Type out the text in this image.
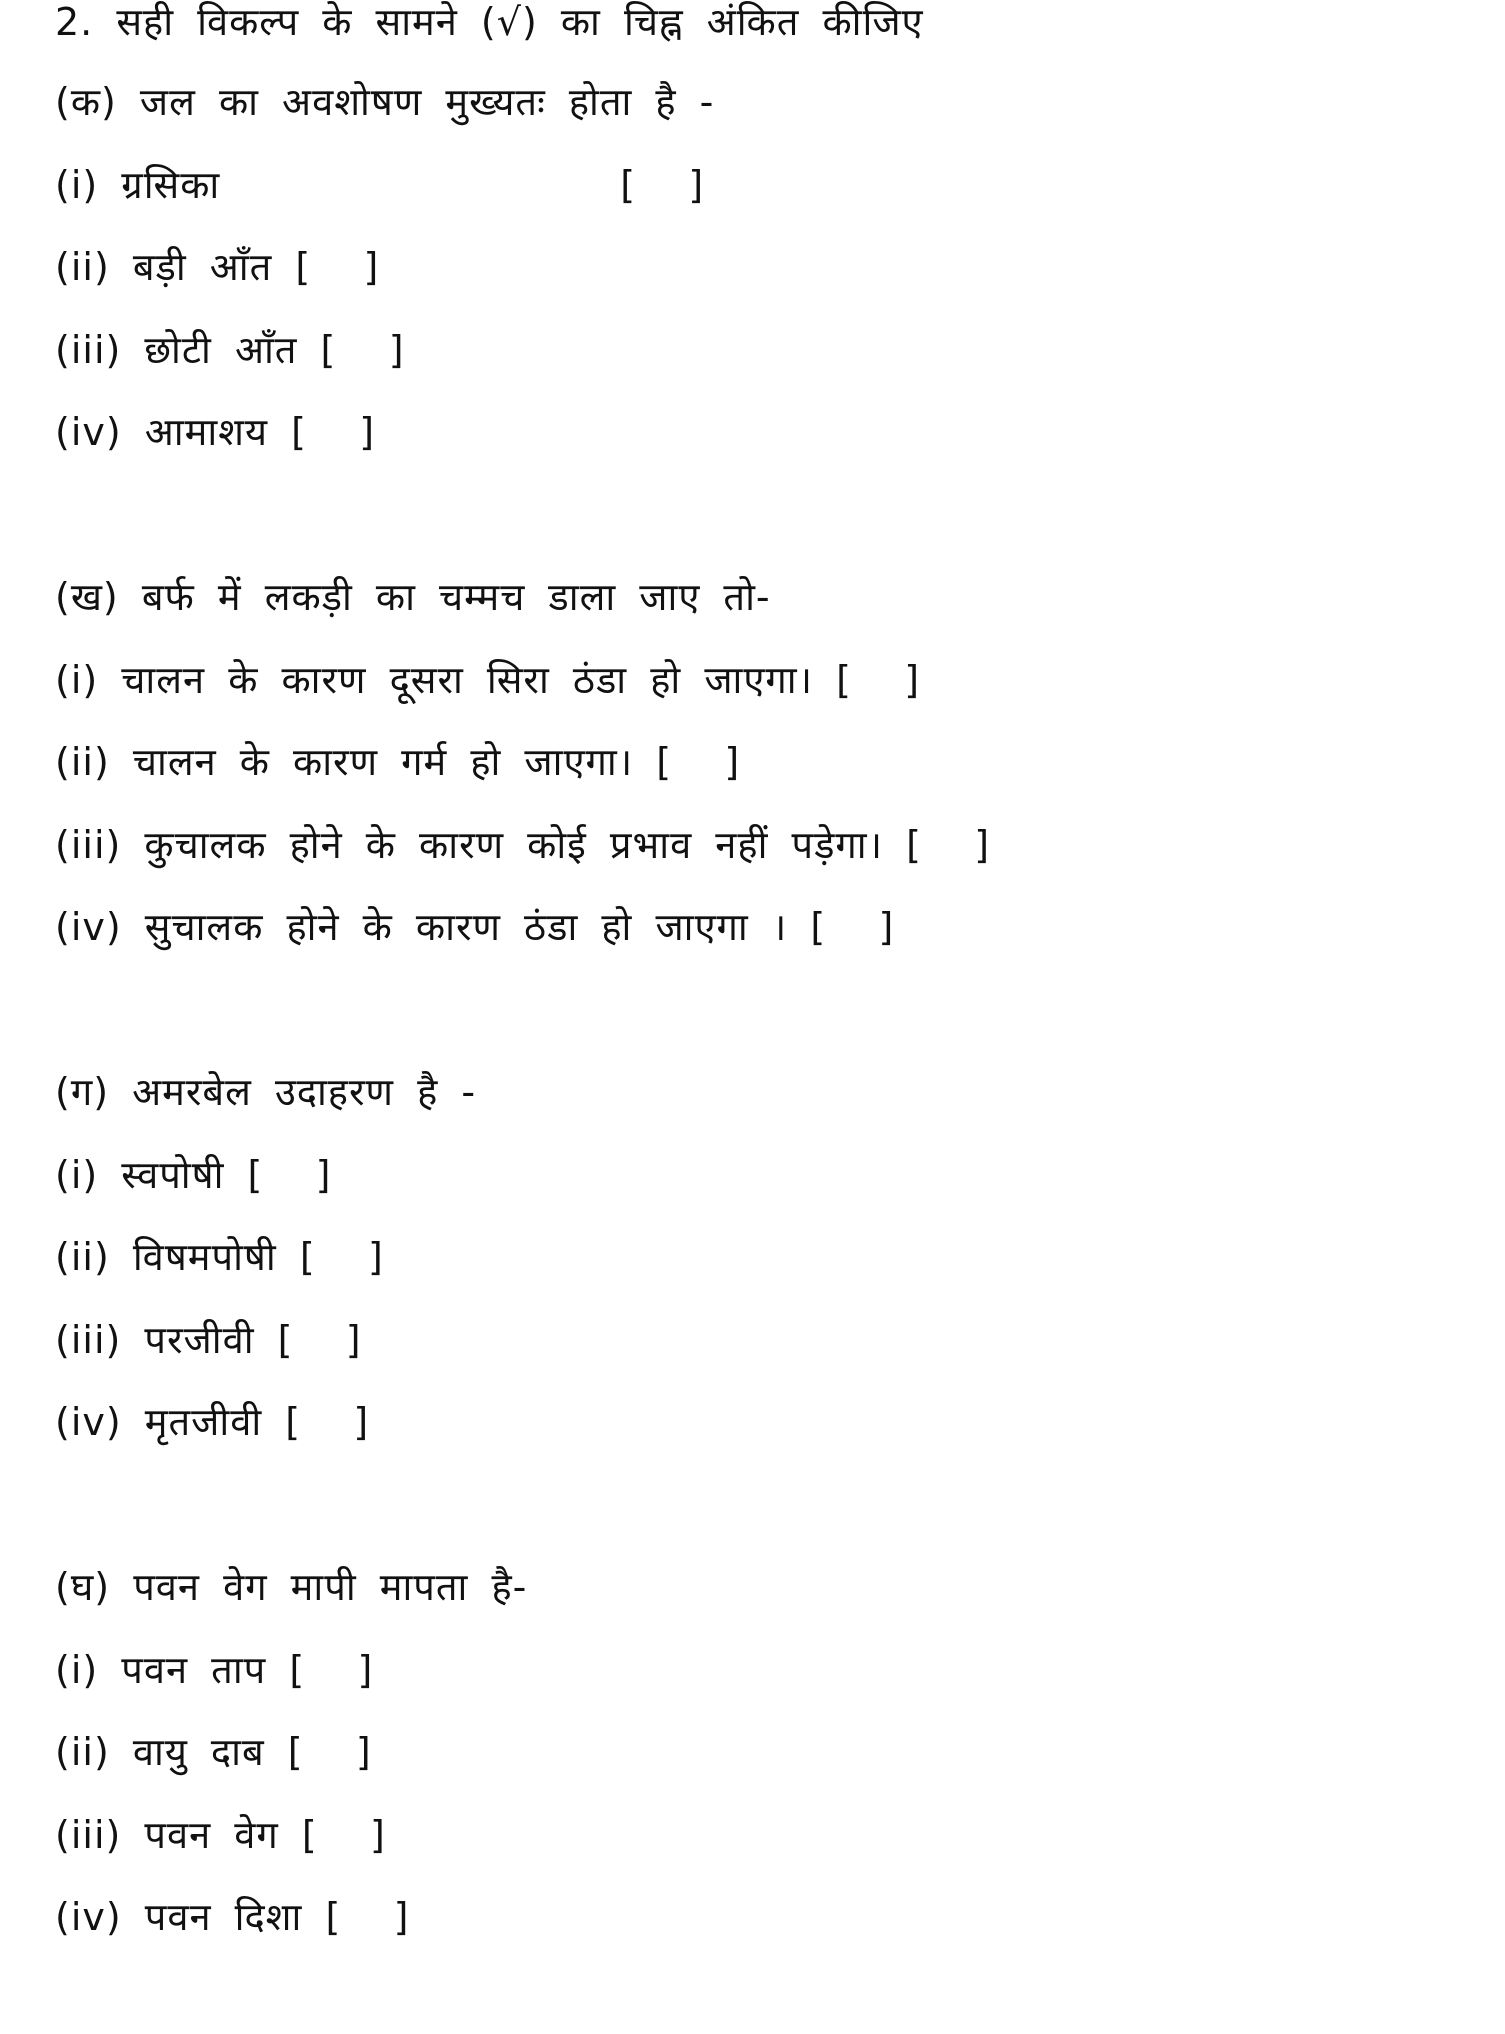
2. सही विकल्प के सामने (√) का चिह्न अंकित कीजिए
(क) जल का अवशोषण मुख्यतः होता है -
(i) ग्रसिका	[    ]
(ii) बड़ी आँत [    ]
(iii) छोटी आँत [    ]
(iv) आमाशय [    ]
(ख) बर्फ में लकड़ी का चम्मच डाला जाए तो-
(i) चालन के कारण दूसरा सिरा ठंडा हो जाएगा। [    ]
(ii) चालन के कारण गर्म हो जाएगा। [    ]
(iii) कुचालक होने के कारण कोई प्रभाव नहीं पड़ेगा। [    ]
(iv) सुचालक होने के कारण ठंडा हो जाएगा । [    ]
(ग) अमरबेल उदाहरण है -
(i) स्वपोषी [    ]
(ii) विषमपोषी [    ]
(iii) परजीवी [    ]
(iv) मृतजीवी [    ]
(घ) पवन वेग मापी मापता है-
(i) पवन ताप [    ]
(ii) वायु दाब [    ]
(iii) पवन वेग [    ]
(iv) पवन दिशा [    ]
